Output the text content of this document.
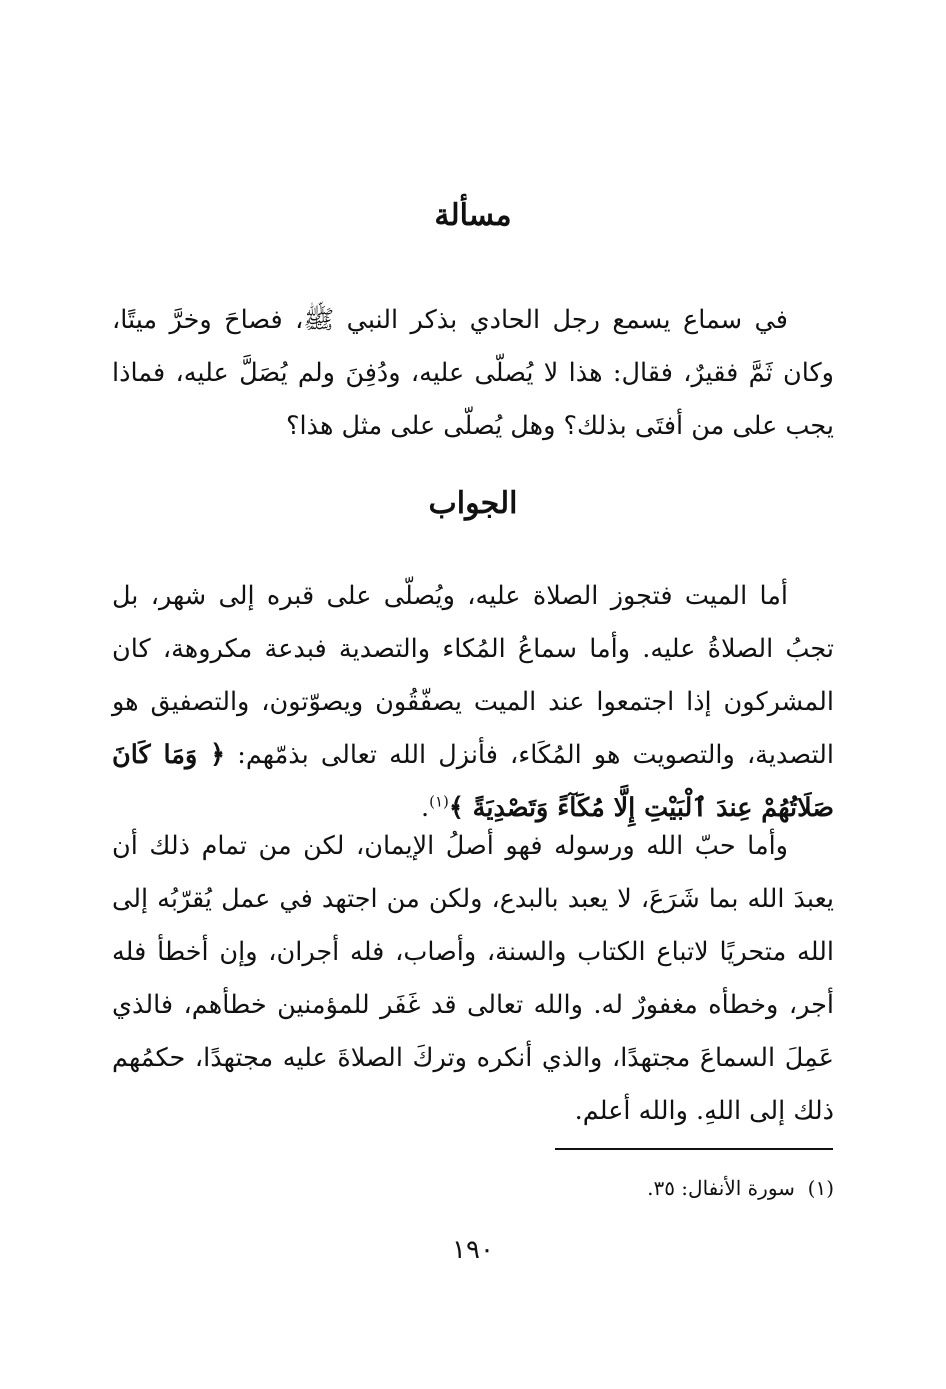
مسألة

في سماع يسمع رجل الحادي بذكر النبي ﷺ، فصاحَ وخرَّ ميتًا، وكان ثَمَّ فقيرٌ، فقال: هذا لا يُصلّى عليه، ودُفِنَ ولم يُصَلَّ عليه، فماذا يجب على من أفتَى بذلك؟ وهل يُصلّى على مثل هذا؟

الجواب

أما الميت فتجوز الصلاة عليه، ويُصلّى على قبره إلى شهر، بل تجبُ الصلاةُ عليه. وأما سماعُ المُكاء والتصدية فبدعة مكروهة، كان المشركون إذا اجتمعوا عند الميت يصفّقُون ويصوّتون، والتصفيق هو التصدية، والتصويت هو المُكَاء، فأنزل الله تعالى بذمّهم: ﴿ وَمَا كَانَ صَلَاتُهُمْ عِندَ ٱلْبَيْتِ إِلَّا مُكَآءً وَتَصْدِيَةً ﴾$^{(١)}$.

وأما حبّ الله ورسوله فهو أصلُ الإيمان، لكن من تمام ذلك أن يعبدَ الله بما شَرَعَ، لا يعبد بالبدع، ولكن من اجتهد في عمل يُقرّبُه إلى الله متحريًا لاتباع الكتاب والسنة، وأصاب، فله أجران، وإن أخطأ فله أجر، وخطأه مغفورٌ له. والله تعالى قد غَفَر للمؤمنين خطأهم، فالذي عَمِلَ السماعَ مجتهدًا، والذي أنكره وتركَ الصلاةَ عليه مجتهدًا، حكمُهم ذلك إلى اللهِ. والله أعلم.

(١)  سورة الأنفال: ٣٥.

١٩٠
